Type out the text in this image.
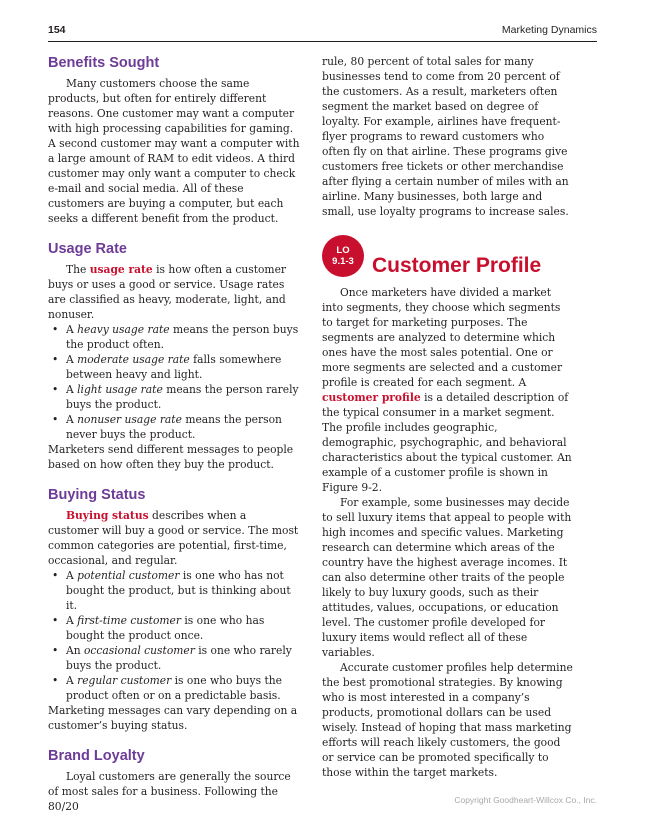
154	Marketing Dynamics
Benefits Sought

Many customers choose the same products, but often for entirely different reasons. One customer may want a computer with high processing capabilities for gaming. A second customer may want a computer with a large amount of RAM to edit videos. A third customer may only want a computer to check e-mail and social media. All of these customers are buying a computer, but each seeks a different benefit from the product.

Usage Rate

The usage rate is how often a customer buys or uses a good or service. Usage rates are classified as heavy, moderate, light, and nonuser.

• A heavy usage rate means the person buys the product often.
• A moderate usage rate falls somewhere between heavy and light.
• A light usage rate means the person rarely buys the product.
• A nonuser usage rate means the person never buys the product.

Marketers send different messages to people based on how often they buy the product.

Buying Status

Buying status describes when a customer will buy a good or service. The most common categories are potential, first-time, occasional, and regular.

• A potential customer is one who has not bought the product, but is thinking about it.
• A first-time customer is one who has bought the product once.
• An occasional customer is one who rarely buys the product.
• A regular customer is one who buys the product often or on a predictable basis.

Marketing messages can vary depending on a customer’s buying status.

Brand Loyalty

Loyal customers are generally the source of most sales for a business. Following the 80/20

rule, 80 percent of total sales for many businesses tend to come from 20 percent of the customers. As a result, marketers often segment the market based on degree of loyalty. For example, airlines have frequent-flyer programs to reward customers who often fly on that airline. These programs give customers free tickets or other merchandise after flying a certain number of miles with an airline. Many businesses, both large and small, use loyalty programs to increase sales.

LO
9.1-3 Customer Profile

Once marketers have divided a market into segments, they choose which segments to target for marketing purposes. The segments are analyzed to determine which ones have the most sales potential. One or more segments are selected and a customer profile is created for each segment. A customer profile is a detailed description of the typical consumer in a market segment. The profile includes geographic, demographic, psychographic, and behavioral characteristics about the typical customer. An example of a customer profile is shown in Figure 9-2.

For example, some businesses may decide to sell luxury items that appeal to people with high incomes and specific values. Marketing research can determine which areas of the country have the highest average incomes. It can also determine other traits of the people likely to buy luxury goods, such as their attitudes, values, occupations, or education level. The customer profile developed for luxury items would reflect all of these variables.

Accurate customer profiles help determine the best promotional strategies. By knowing who is most interested in a company’s products, promotional dollars can be used wisely. Instead of hoping that mass marketing efforts will reach likely customers, the good or service can be promoted specifically to those within the target markets.

Copyright Goodheart-Willcox Co., Inc.
